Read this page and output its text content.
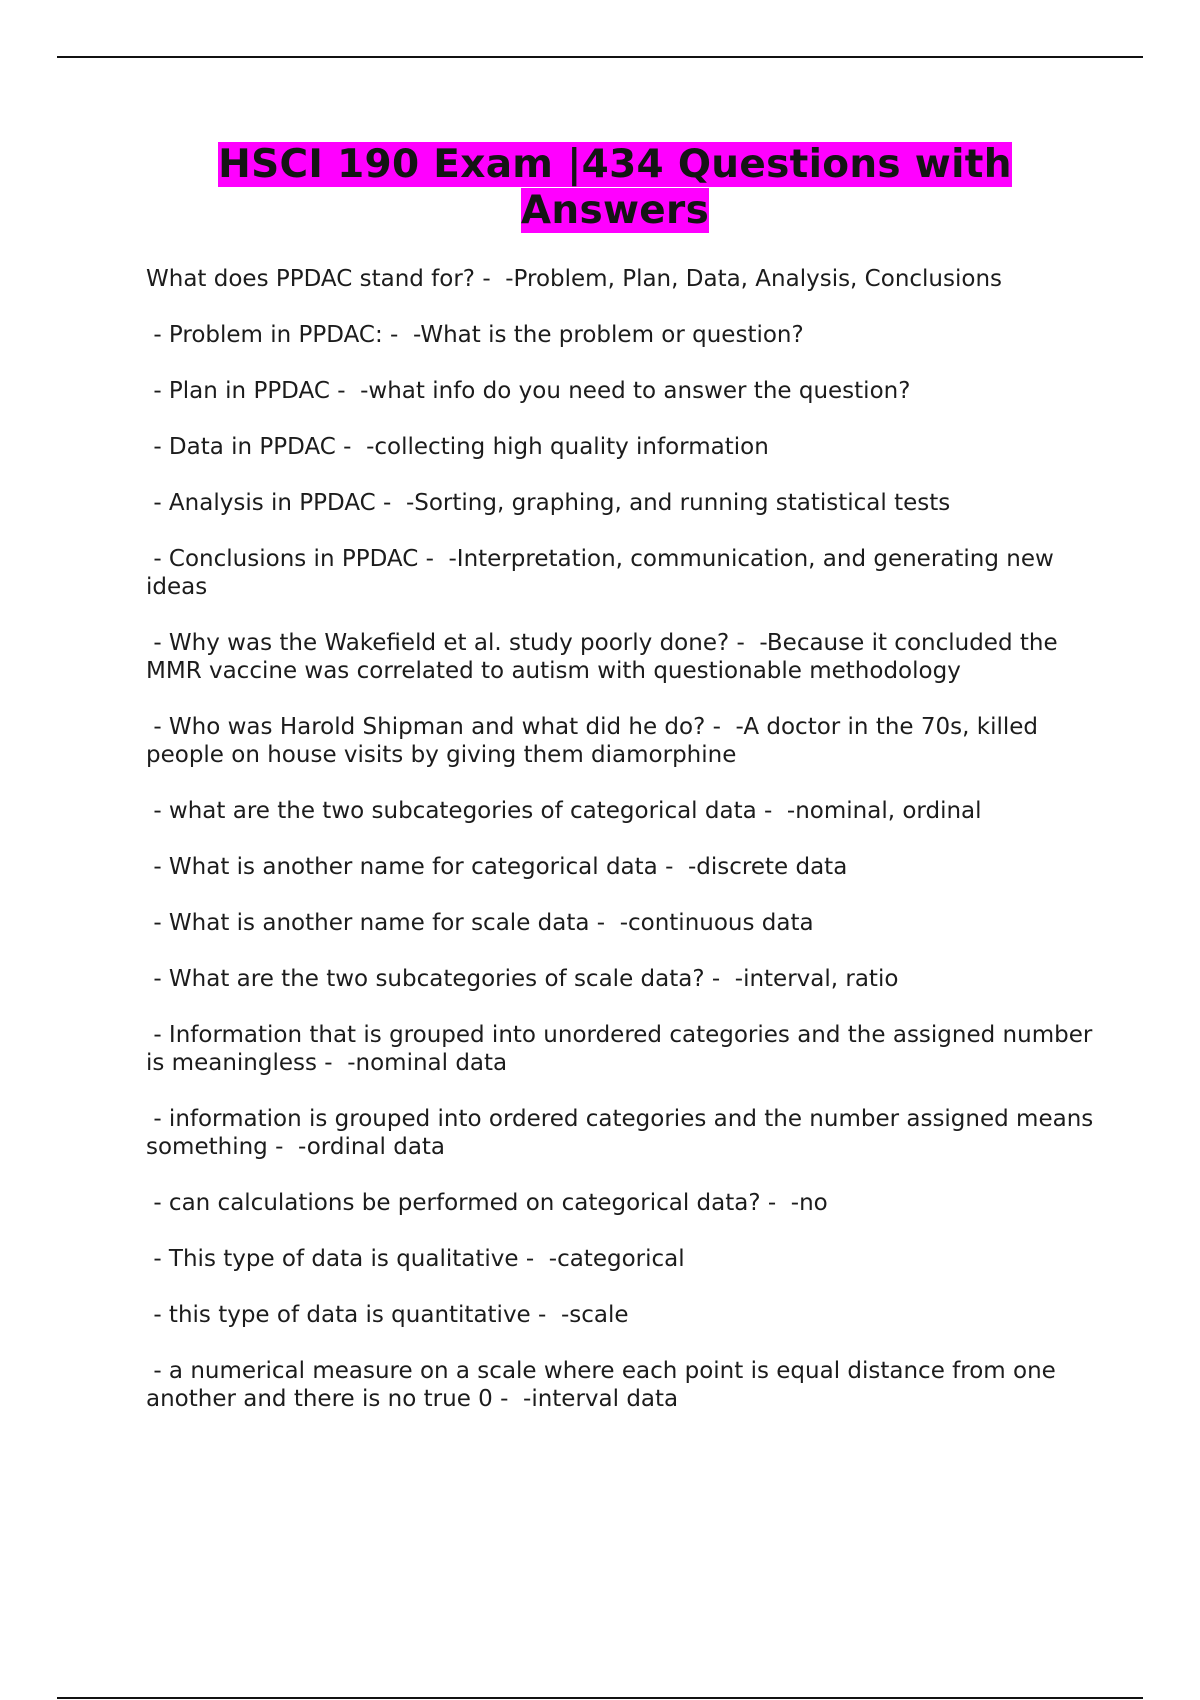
HSCI 190 Exam |434 Questions with Answers
What does PPDAC stand for? -  -Problem, Plan, Data, Analysis, Conclusions
- Problem in PPDAC: -  -What is the problem or question?
- Plan in PPDAC -  -what info do you need to answer the question?
- Data in PPDAC -  -collecting high quality information
- Analysis in PPDAC -  -Sorting, graphing, and running statistical tests
- Conclusions in PPDAC -  -Interpretation, communication, and generating new ideas
- Why was the Wakefield et al. study poorly done? -  -Because it concluded the MMR vaccine was correlated to autism with questionable methodology
- Who was Harold Shipman and what did he do? -  -A doctor in the 70s, killed people on house visits by giving them diamorphine
- what are the two subcategories of categorical data -  -nominal, ordinal
- What is another name for categorical data -  -discrete data
- What is another name for scale data -  -continuous data
- What are the two subcategories of scale data? -  -interval, ratio
- Information that is grouped into unordered categories and the assigned number is meaningless -  -nominal data
- information is grouped into ordered categories and the number assigned means something -  -ordinal data
- can calculations be performed on categorical data? -  -no
- This type of data is qualitative -  -categorical
- this type of data is quantitative -  -scale
- a numerical measure on a scale where each point is equal distance from one another and there is no true 0 -  -interval data
